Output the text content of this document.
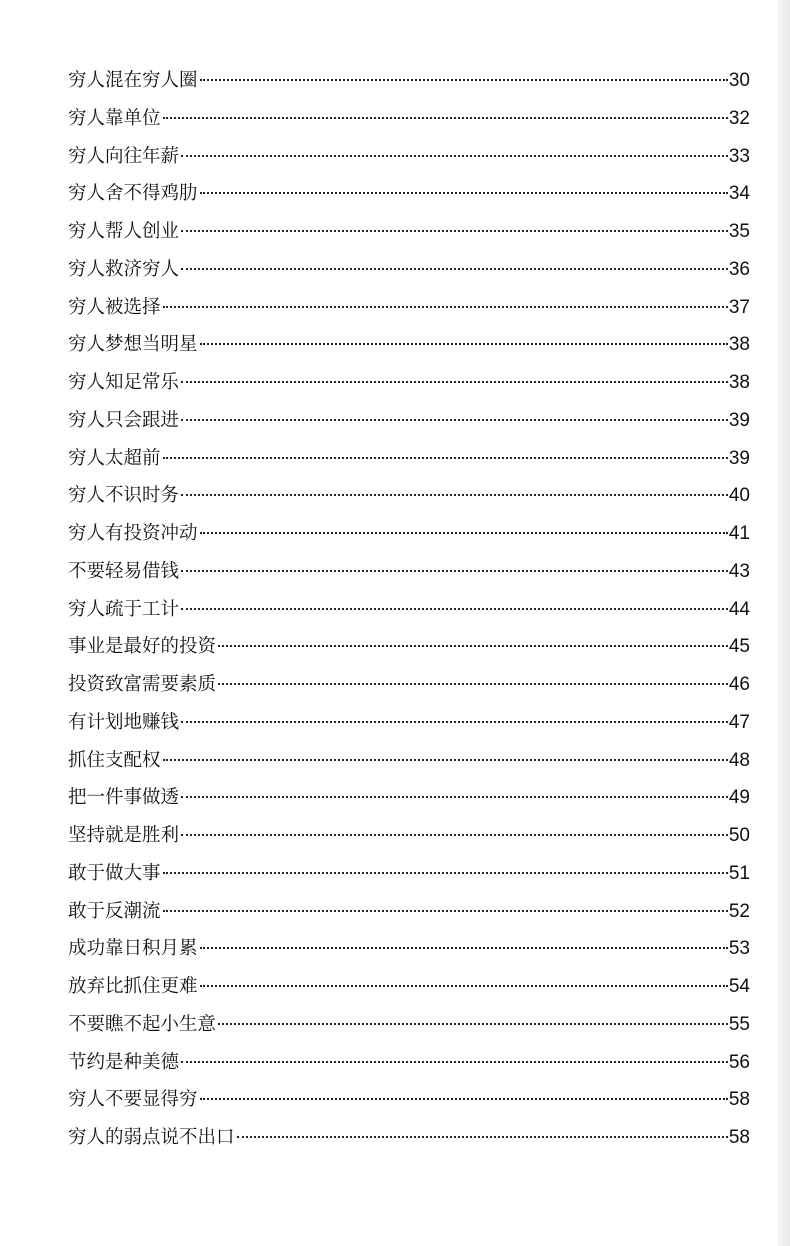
穷人混在穷人圈	30
穷人靠单位	32
穷人向往年薪	33
穷人舍不得鸡肋	34
穷人帮人创业	35
穷人救济穷人	36
穷人被选择	37
穷人梦想当明星	38
穷人知足常乐	38
穷人只会跟进	39
穷人太超前	39
穷人不识时务	40
穷人有投资冲动	41
不要轻易借钱	43
穷人疏于工计	44
事业是最好的投资	45
投资致富需要素质	46
有计划地赚钱	47
抓住支配权	48
把一件事做透	49
坚持就是胜利	50
敢于做大事	51
敢于反潮流	52
成功靠日积月累	53
放弃比抓住更难	54
不要瞧不起小生意	55
节约是种美德	56
穷人不要显得穷	58
穷人的弱点说不出口	58
